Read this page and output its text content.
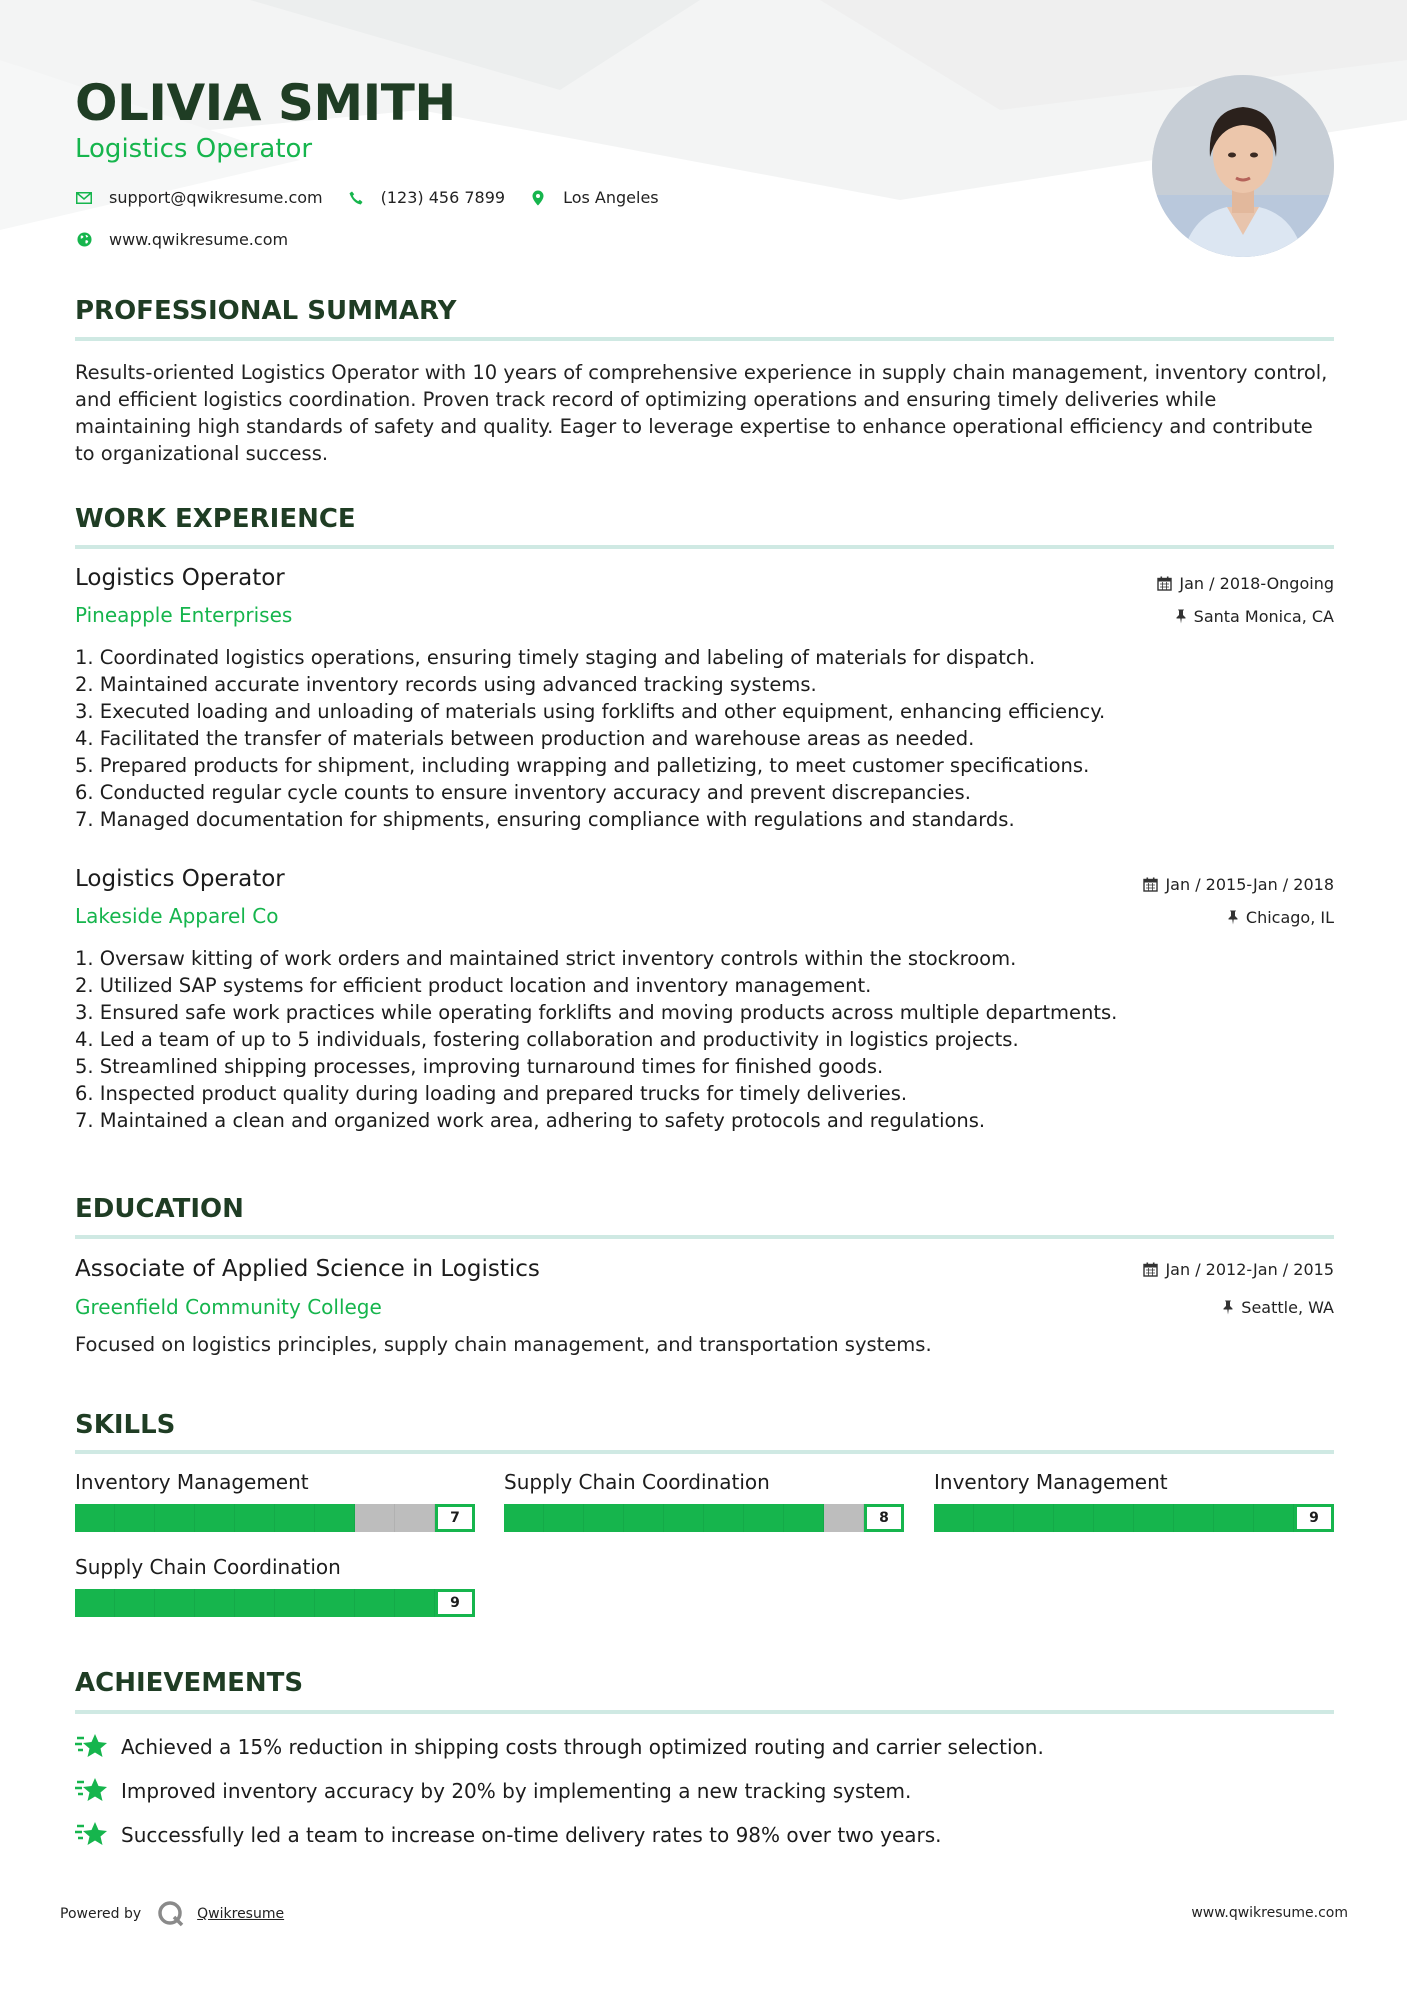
OLIVIA SMITH
Logistics Operator
support@qwikresume.com	(123) 456 7899	Los Angeles
www.qwikresume.com
PROFESSIONAL SUMMARY
Results-oriented Logistics Operator with 10 years of comprehensive experience in supply chain management, inventory control, and efficient logistics coordination. Proven track record of optimizing operations and ensuring timely deliveries while maintaining high standards of safety and quality. Eager to leverage expertise to enhance operational efficiency and contribute to organizational success.
WORK EXPERIENCE
Logistics Operator	Jan / 2018-Ongoing
Pineapple Enterprises	Santa Monica, CA
1. Coordinated logistics operations, ensuring timely staging and labeling of materials for dispatch.
2. Maintained accurate inventory records using advanced tracking systems.
3. Executed loading and unloading of materials using forklifts and other equipment, enhancing efficiency.
4. Facilitated the transfer of materials between production and warehouse areas as needed.
5. Prepared products for shipment, including wrapping and palletizing, to meet customer specifications.
6. Conducted regular cycle counts to ensure inventory accuracy and prevent discrepancies.
7. Managed documentation for shipments, ensuring compliance with regulations and standards.
Logistics Operator	Jan / 2015-Jan / 2018
Lakeside Apparel Co	Chicago, IL
1. Oversaw kitting of work orders and maintained strict inventory controls within the stockroom.
2. Utilized SAP systems for efficient product location and inventory management.
3. Ensured safe work practices while operating forklifts and moving products across multiple departments.
4. Led a team of up to 5 individuals, fostering collaboration and productivity in logistics projects.
5. Streamlined shipping processes, improving turnaround times for finished goods.
6. Inspected product quality during loading and prepared trucks for timely deliveries.
7. Maintained a clean and organized work area, adhering to safety protocols and regulations.
EDUCATION
Associate of Applied Science in Logistics	Jan / 2012-Jan / 2015
Greenfield Community College	Seattle, WA
Focused on logistics principles, supply chain management, and transportation systems.
SKILLS
Inventory Management
7
Supply Chain Coordination
8
Inventory Management
9
Supply Chain Coordination
9
ACHIEVEMENTS
Achieved a 15% reduction in shipping costs through optimized routing and carrier selection.
Improved inventory accuracy by 20% by implementing a new tracking system.
Successfully led a team to increase on-time delivery rates to 98% over two years.
Powered by	Qwikresume	www.qwikresume.com
